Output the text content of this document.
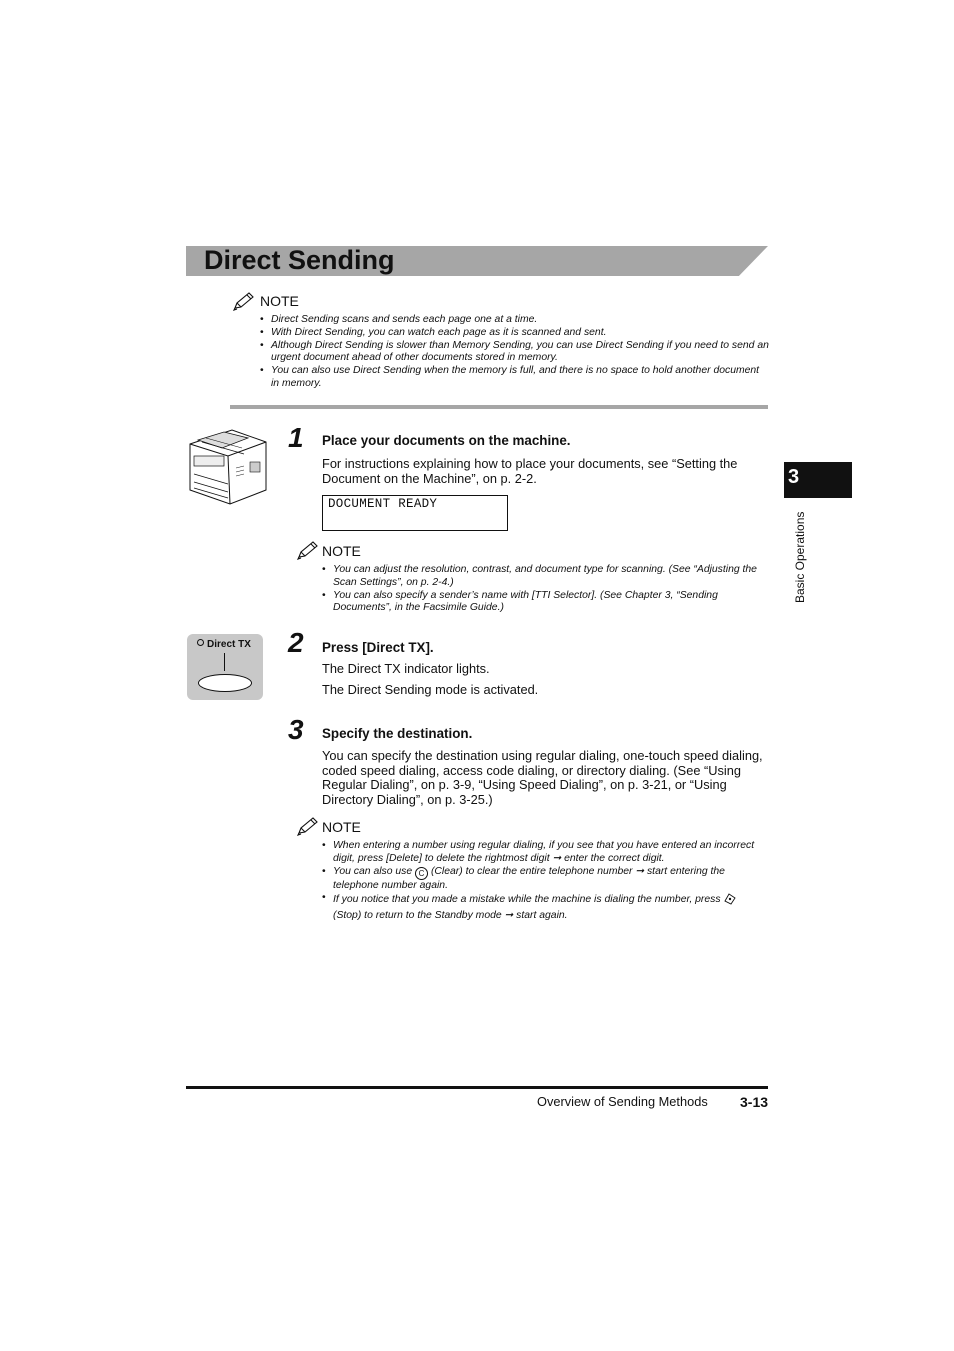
Direct Sending
NOTE
• Direct Sending scans and sends each page one at a time.
• With Direct Sending, you can watch each page as it is scanned and sent.
• Although Direct Sending is slower than Memory Sending, you can use Direct Sending if you need to send an urgent document ahead of other documents stored in memory.
• You can also use Direct Sending when the memory is full, and there is no space to hold another document in memory.
1 Place your documents on the machine.
For instructions explaining how to place your documents, see “Setting the Document on the Machine”, on p. 2-2.
DOCUMENT READY
NOTE
• You can adjust the resolution, contrast, and document type for scanning. (See “Adjusting the Scan Settings”, on p. 2-4.)
• You can also specify a sender’s name with [TTI Selector]. (See Chapter 3, “Sending Documents”, in the Facsimile Guide.)
Direct TX 2 Press [Direct TX].
The Direct TX indicator lights.
The Direct Sending mode is activated.
3 Specify the destination.
You can specify the destination using regular dialing, one-touch speed dialing, coded speed dialing, access code dialing, or directory dialing. (See “Using Regular Dialing”, on p. 3-9, “Using Speed Dialing”, on p. 3-21, or “Using Directory Dialing”, on p. 3-25.)
NOTE
• When entering a number using regular dialing, if you see that you have entered an incorrect digit, press [Delete] to delete the rightmost digit ➞ enter the correct digit.
• You can also use C (Clear) to clear the entire telephone number ➞ start entering the telephone number again.
• If you notice that you made a mistake while the machine is dialing the number, press  (Stop) to return to the Standby mode ➞ start again.
3
Basic Operations
Overview of Sending Methods 3-13
